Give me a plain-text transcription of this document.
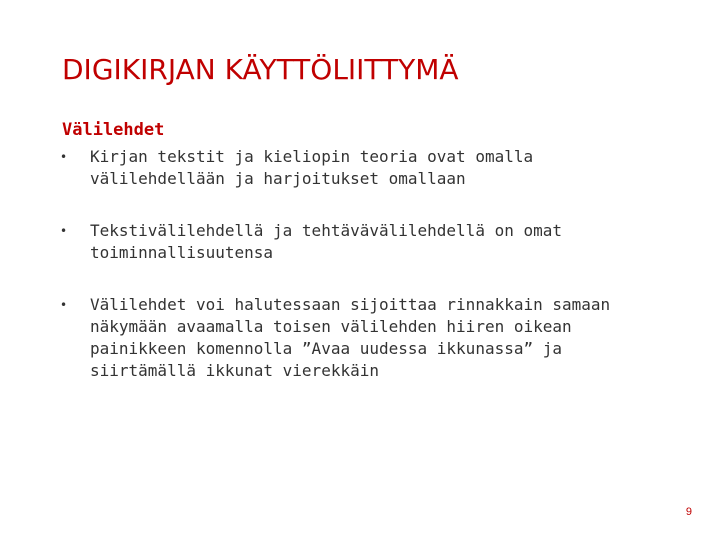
DIGIKIRJAN KÄYTTÖLIITTYMÄ
Välilehdet
• Kirjan tekstit ja kieliopin teoria ovat omalla välilehdellään ja harjoitukset omallaan
• Tekstivälilehdellä ja tehtävävälilehdellä on omat toiminnallisuutensa
• Välilehdet voi halutessaan sijoittaa rinnakkain samaan näkymään avaamalla toisen välilehden hiiren oikean painikkeen komennolla ”Avaa uudessa ikkunassa” ja siirtämällä ikkunat vierekkäin
9
